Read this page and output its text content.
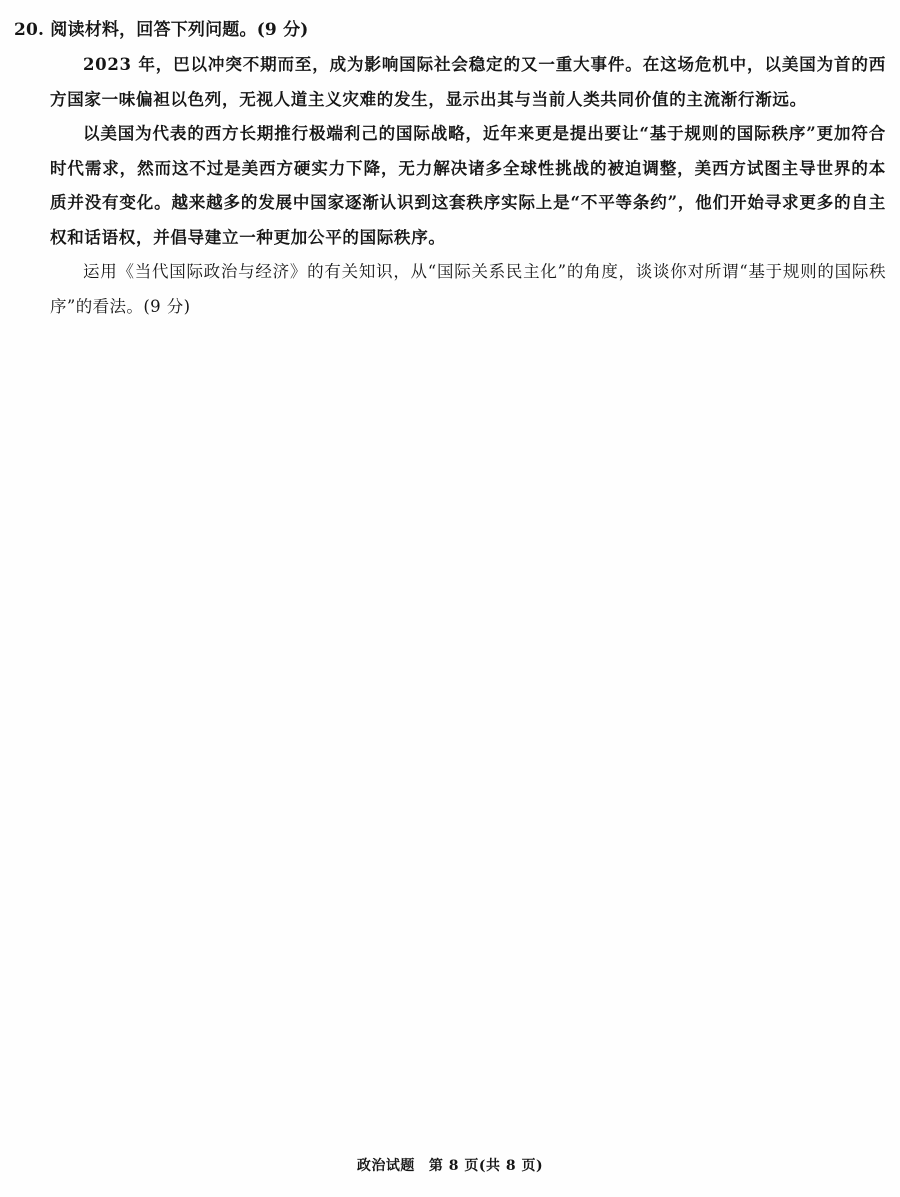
20. 阅读材料，回答下列问题。(9 分)

2023 年，巴以冲突不期而至，成为影响国际社会稳定的又一重大事件。在这场危机中，以美国为首的西方国家一味偏袒以色列，无视人道主义灾难的发生，显示出其与当前人类共同价值的主流渐行渐远。

以美国为代表的西方长期推行极端利己的国际战略，近年来更是提出要让“基于规则的国际秩序”更加符合时代需求，然而这不过是美西方硬实力下降，无力解决诸多全球性挑战的被迫调整，美西方试图主导世界的本质并没有变化。越来越多的发展中国家逐渐认识到这套秩序实际上是“不平等条约”，他们开始寻求更多的自主权和话语权，并倡导建立一种更加公平的国际秩序。

运用《当代国际政治与经济》的有关知识，从“国际关系民主化”的角度，谈谈你对所谓“基于规则的国际秩序”的看法。(9 分)

政治试题 第 8 页(共 8 页)
